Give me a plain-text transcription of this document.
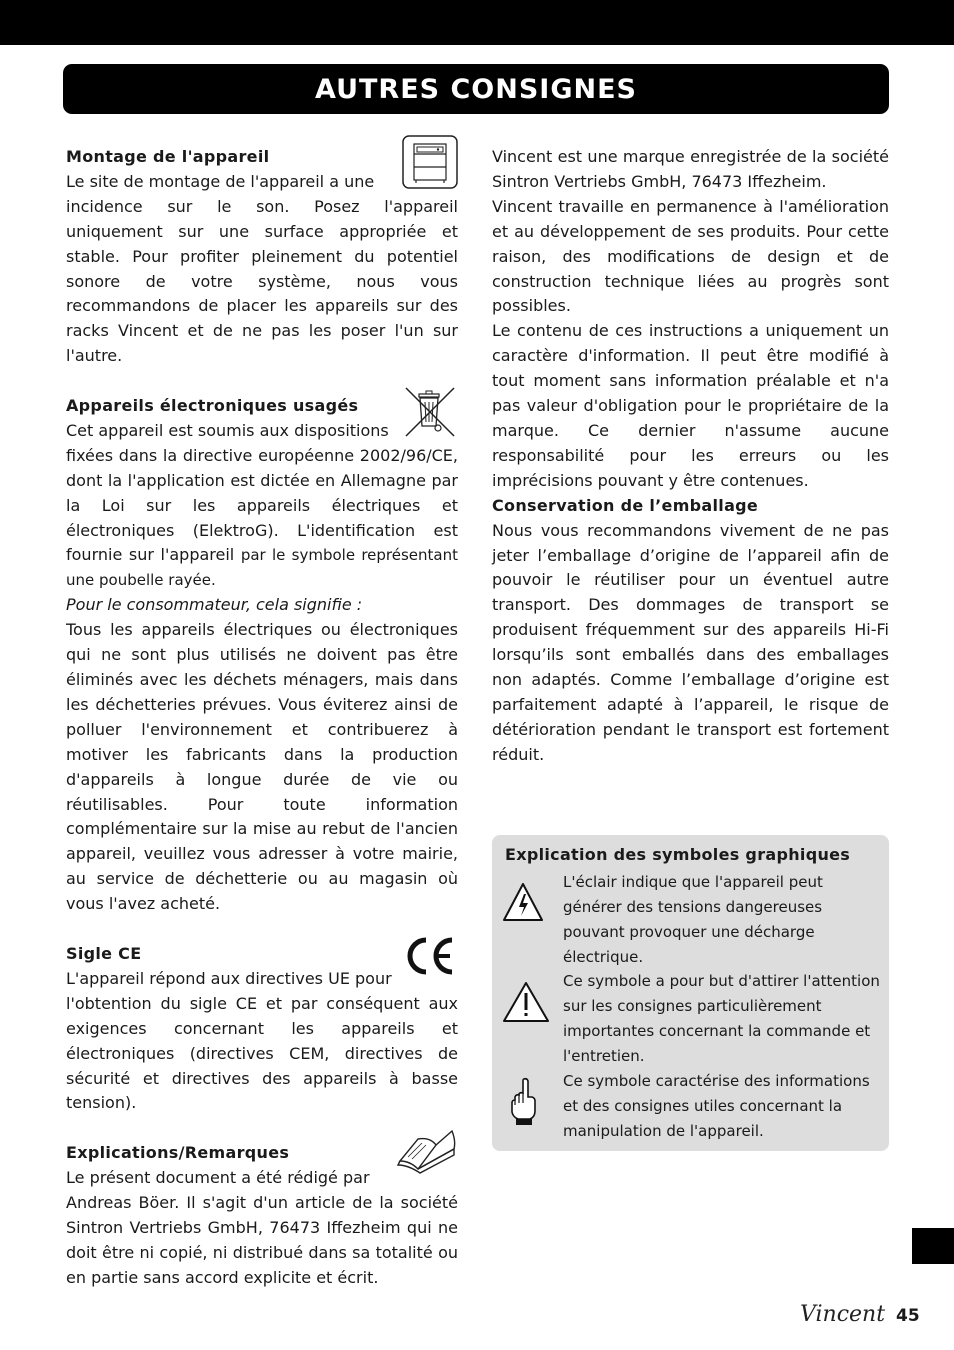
AUTRES CONSIGNES
Montage de l'appareil

Le site de montage de l'appareil a une

incidence sur le son. Posez l'appareil uniquement sur une surface appropriée et stable. Pour profiter pleinement du potentiel sonore de votre système, nous vous recommandons de placer les appareils sur des racks Vincent et de ne pas les poser l'un sur l'autre.

Appareils électroniques usagés

Cet appareil est soumis aux dispositions

fixées dans la directive européenne 2002/96/CE, dont la l'application est dictée en Allemagne par la Loi sur les appareils électriques et électroniques (ElektroG). L'identification est fournie sur l'appareil par le symbole représentant une poubelle rayée.

Pour le consommateur, cela signifie :

Tous les appareils électriques ou électroniques qui ne sont plus utilisés ne doivent pas être éliminés avec les déchets ménagers, mais dans les déchetteries prévues. Vous éviterez ainsi de polluer l'environnement et contribuerez à motiver les fabricants dans la production d'appareils à longue durée de vie ou réutilisables. Pour toute information complémentaire sur la mise au rebut de l'ancien appareil, veuillez vous adresser à votre mairie, au service de déchetterie ou au magasin où vous l'avez acheté.

Sigle CE

L'appareil répond aux directives UE pour

l'obtention du sigle CE et par conséquent aux exigences concernant les appareils et électroniques (directives CEM, directives de sécurité et directives des appareils à basse tension).

Explications/Remarques

Le présent document a été rédigé par

Andreas Böer. Il s'agit d'un article de la société Sintron Vertriebs GmbH, 76473 Iffezheim qui ne doit être ni copié, ni distribué dans sa totalité ou en partie sans accord explicite et écrit.

Vincent est une marque enregistrée de la société Sintron Vertriebs GmbH, 76473 Iffezheim.

Vincent travaille en permanence à l'amélioration et au développement de ses produits. Pour cette raison, des modifications de design et de construction technique liées au progrès sont possibles.

Le contenu de ces instructions a uniquement un caractère d'information. Il peut être modifié à tout moment sans information préalable et n'a pas valeur d'obligation pour le propriétaire de la marque. Ce dernier n'assume aucune responsabilité pour les erreurs ou les imprécisions pouvant y être contenues.

Conservation de l’emballage

Nous vous recommandons vivement de ne pas jeter l’emballage d’origine de l’appareil afin de pouvoir le réutiliser pour un éventuel autre transport. Des dommages de transport se produisent fréquemment sur des appareils Hi-Fi lorsqu’ils sont emballés dans des emballages non adaptés. Comme l’emballage d’origine est parfaitement adapté à l’appareil, le risque de détérioration pendant le transport est fortement réduit.

Explication des symboles graphiques

L'éclair indique que l'appareil peut générer des tensions dangereuses pouvant provoquer une décharge électrique.

Ce symbole a pour but d'attirer l'attention sur les consignes particulièrement importantes concernant la commande et l'entretien.

Ce symbole caractérise des informations et des consignes utiles concernant la manipulation de l'appareil.

Vincent 45
